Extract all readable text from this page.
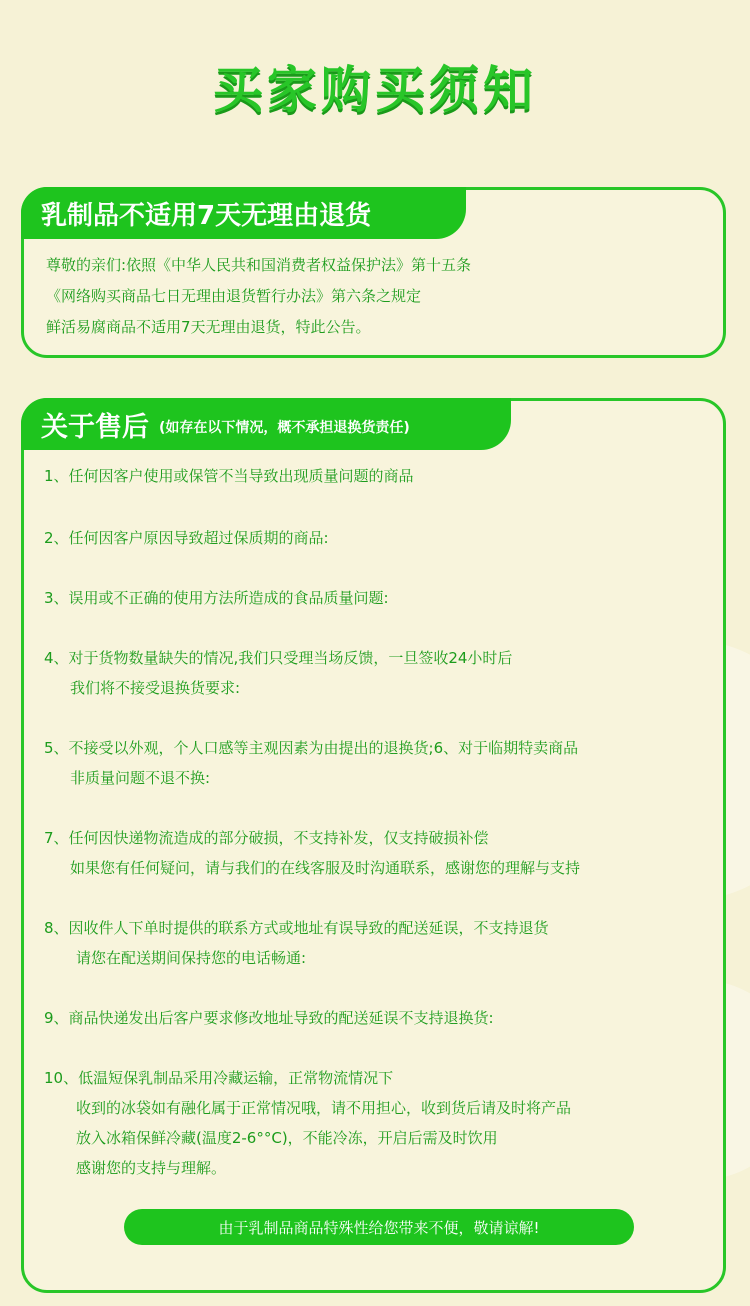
买家购买须知
乳制品不适用7天无理由退货
尊敬的亲们:依照《中华人民共和国消费者权益保护法》第十五条
《网络购买商品七日无理由退货暂行办法》第六条之规定
鲜活易腐商品不适用7天无理由退货，特此公告。
关于售后 (如存在以下情况，概不承担退换货责任)
1、任何因客户使用或保管不当导致出现质量问题的商品
2、任何因客户原因导致超过保质期的商品:
3、误用或不正确的使用方法所造成的食品质量问题:
4、对于货物数量缺失的情况,我们只受理当场反馈，一旦签收24小时后
我们将不接受退换货要求:
5、不接受以外观，个人口感等主观因素为由提出的退换货;6、对于临期特卖商品
非质量问题不退不换:
7、任何因快递物流造成的部分破损，不支持补发，仅支持破损补偿
如果您有任何疑问，请与我们的在线客服及时沟通联系，感谢您的理解与支持
8、因收件人下单时提供的联系方式或地址有误导致的配送延误，不支持退货
请您在配送期间保持您的电话畅通:
9、商品快递发出后客户要求修改地址导致的配送延误不支持退换货:
10、低温短保乳制品采用冷藏运输，正常物流情况下
收到的冰袋如有融化属于正常情况哦，请不用担心，收到货后请及时将产品
放入冰箱保鲜冷藏(温度2-6°°C)，不能冷冻，开启后需及时饮用
感谢您的支持与理解。
由于乳制品商品特殊性给您带来不便，敬请谅解!
